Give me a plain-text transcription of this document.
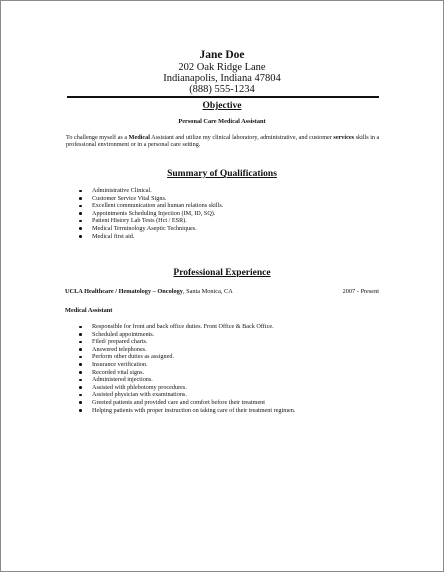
Jane Doe
202 Oak Ridge Lane
Indianapolis, Indiana 47804
(888) 555-1234
Objective
Personal Care Medical Assistant
To challenge myself as a Medical Assistant and utilize my clinical laboratory, administrative, and customer services skills in a professional environment or in a personal care setting.
Summary of Qualifications
Administrative Clinical.
Customer Service Vital Signs.
Excellent communication and human relations skills.
Appointments Scheduling Injection (IM, ID, SQ).
Patient History Lab Tests (Hct / ESR).
Medical Terminology Aseptic Techniques.
Medical first aid.
Professional Experience
UCLA Healthcare / Hematology – Oncology, Santa Monica, CA	2007 - Present
Medical Assistant
Responsible for front and back office duties. Front Office & Back Office.
Scheduled appointments.
Filed/ prepared charts.
Answered telephones.
Perform other duties as assigned.
Insurance verification.
Recorded vital signs.
Administered injections.
Assisted with phlebotomy procedures.
Assisted physician with examinations.
Greeted patients and provided care and comfort before their treatment
Helping patients with proper instruction on taking care of their treatment regimen.
